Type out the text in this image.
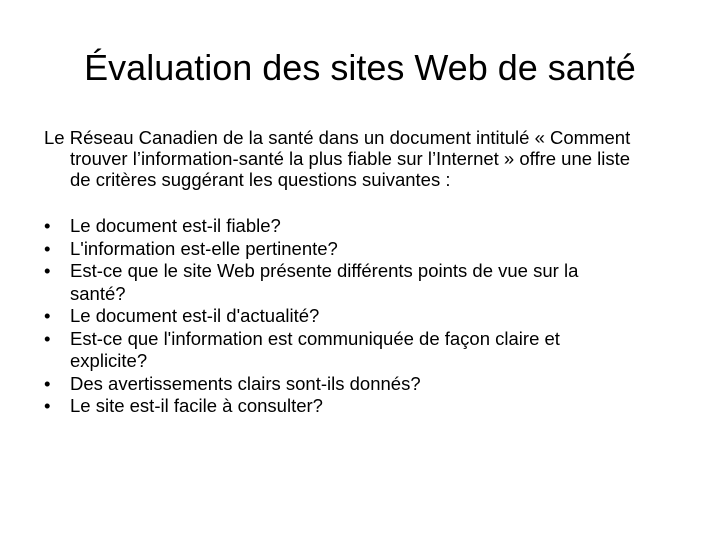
Évaluation des sites Web de santé

Le Réseau Canadien de la santé dans un document intitulé « Comment
trouver l’information-santé la plus fiable sur l’Internet » offre une liste
de critères suggérant les questions suivantes :

•	Le document est-il fiable?
•	L'information est-elle pertinente?
•	Est-ce que le site Web présente différents points de vue sur la
santé?
•	Le document est-il d'actualité?
•	Est-ce que l'information est communiquée de façon claire et
explicite?
•	Des avertissements clairs sont-ils donnés?
•	Le site est-il facile à consulter?
